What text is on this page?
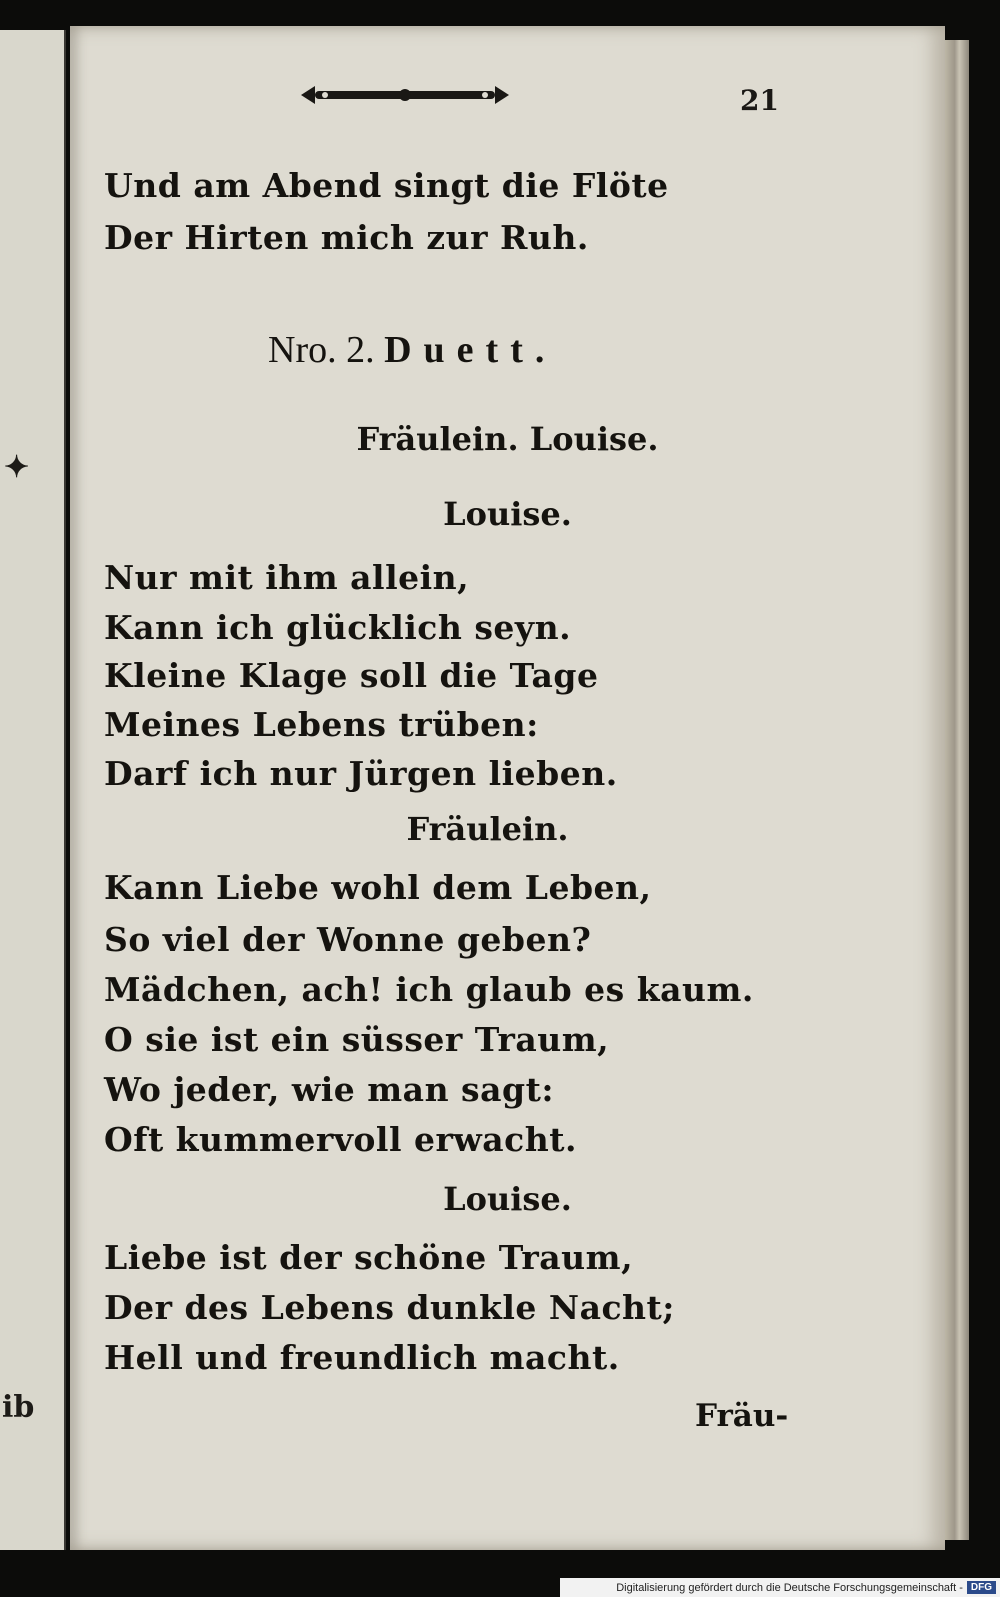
✦
ib
21
Und am Abend singt die Flöte
Der Hirten mich zur Ruh.
Nro. 2. Duett.
Fräulein. Louise.
Louise.
Nur mit ihm allein,
Kann ich glücklich seyn.
Kleine Klage soll die Tage
Meines Lebens trüben:
Darf ich nur Jürgen lieben.
Fräulein.
Kann Liebe wohl dem Leben,
So viel der Wonne geben?
Mädchen, ach! ich glaub es kaum.
O sie ist ein süsser Traum,
Wo jeder, wie man sagt:
Oft kummervoll erwacht.
Louise.
Liebe ist der schöne Traum,
Der des Lebens dunkle Nacht;
Hell und freundlich macht.
Fräu-
Digitalisierung gefördert durch die Deutsche Forschungsgemeinschaft - DFG
